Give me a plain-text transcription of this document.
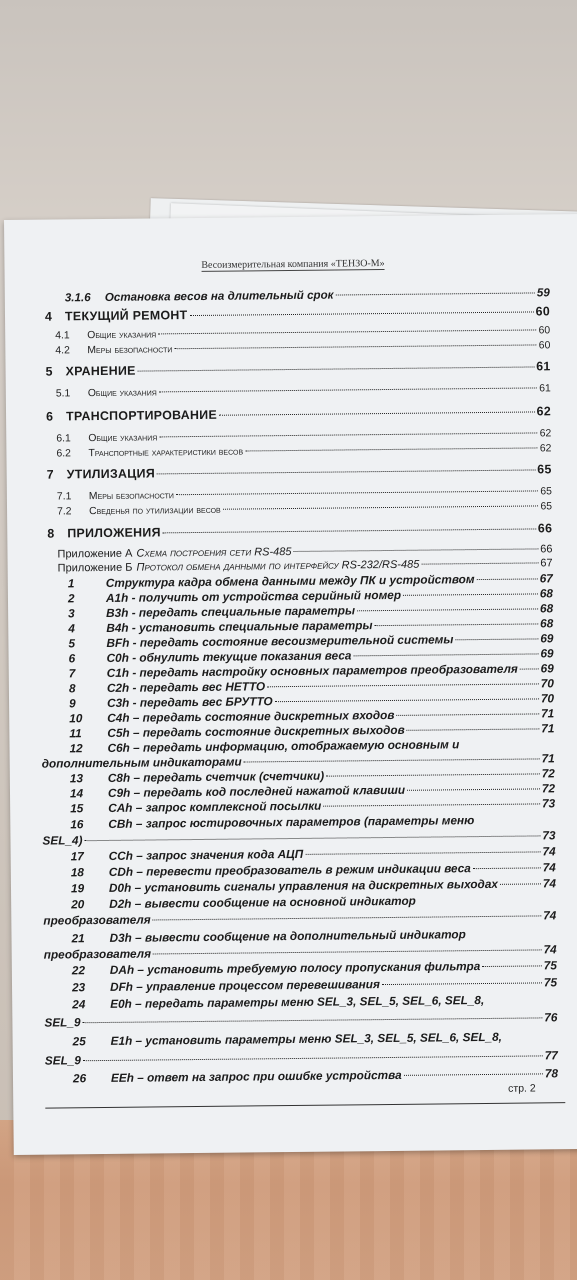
Весоизмерительная компания «ТЕНЗО-М»
3.1.6	Остановка весов на длительный срок	59
4	ТЕКУЩИЙ РЕМОНТ	60
4.1	Общие указания	60
4.2	Меры безопасности	60
5	ХРАНЕНИЕ	61
5.1	Общие указания	61
6	ТРАНСПОРТИРОВАНИЕ	62
6.1	Общие указания	62
6.2	Транспортные характеристики весов	62
7	УТИЛИЗАЦИЯ	65
7.1	Меры безопасности	65
7.2	Сведенья по утилизации весов	65
8	ПРИЛОЖЕНИЯ	66
Приложение А Схема построения сети RS-485	66
Приложение Б Протокол обмена данными по интерфейсу RS-232/RS-485	67
1	Структура кадра обмена данными между ПК и устройством	67
2	A1h - получить от устройства серийный номер	68
3	B3h - передать специальные параметры	68
4	B4h - установить специальные параметры	68
5	BFh - передать состояние весоизмерительной системы	69
6	C0h - обнулить текущие показания веса	69
7	C1h - передать настройку основных параметров преобразователя 69
8	C2h - передать вес НЕТТО	70
9	C3h - передать вес БРУТТО	70
10	C4h – передать состояние дискретных входов	71
11	C5h – передать состояние дискретных выходов	71
12	C6h – передать информацию, отображаемую основным и
дополнительным индикаторами	71
13	C8h – передать счетчик (счетчики)	72
14	C9h – передать код последней нажатой клавиши	72
15	CAh – запрос комплексной посылки	73
16	CBh – запрос юстировочных параметров (параметры меню
SEL_4)	73
17	CCh – запрос значения кода АЦП	74
18	CDh – перевести преобразователь в режим индикации веса	74
19	D0h – установить сигналы управления на дискретных выходах	74
20	D2h – вывести сообщение на основной индикатор
преобразователя	74
21	D3h – вывести сообщение на дополнительный индикатор
преобразователя	74
22	DAh – установить требуемую полосу пропускания фильтра	75
23	DFh – управление процессом перевешивания	75
24	E0h – передать параметры меню SEL_3, SEL_5, SEL_6, SEL_8,
SEL_9	76
25	E1h – установить параметры меню SEL_3, SEL_5, SEL_6, SEL_8,
SEL_9	77
26	EEh – ответ на запрос при ошибке устройства	78
стр. 2
